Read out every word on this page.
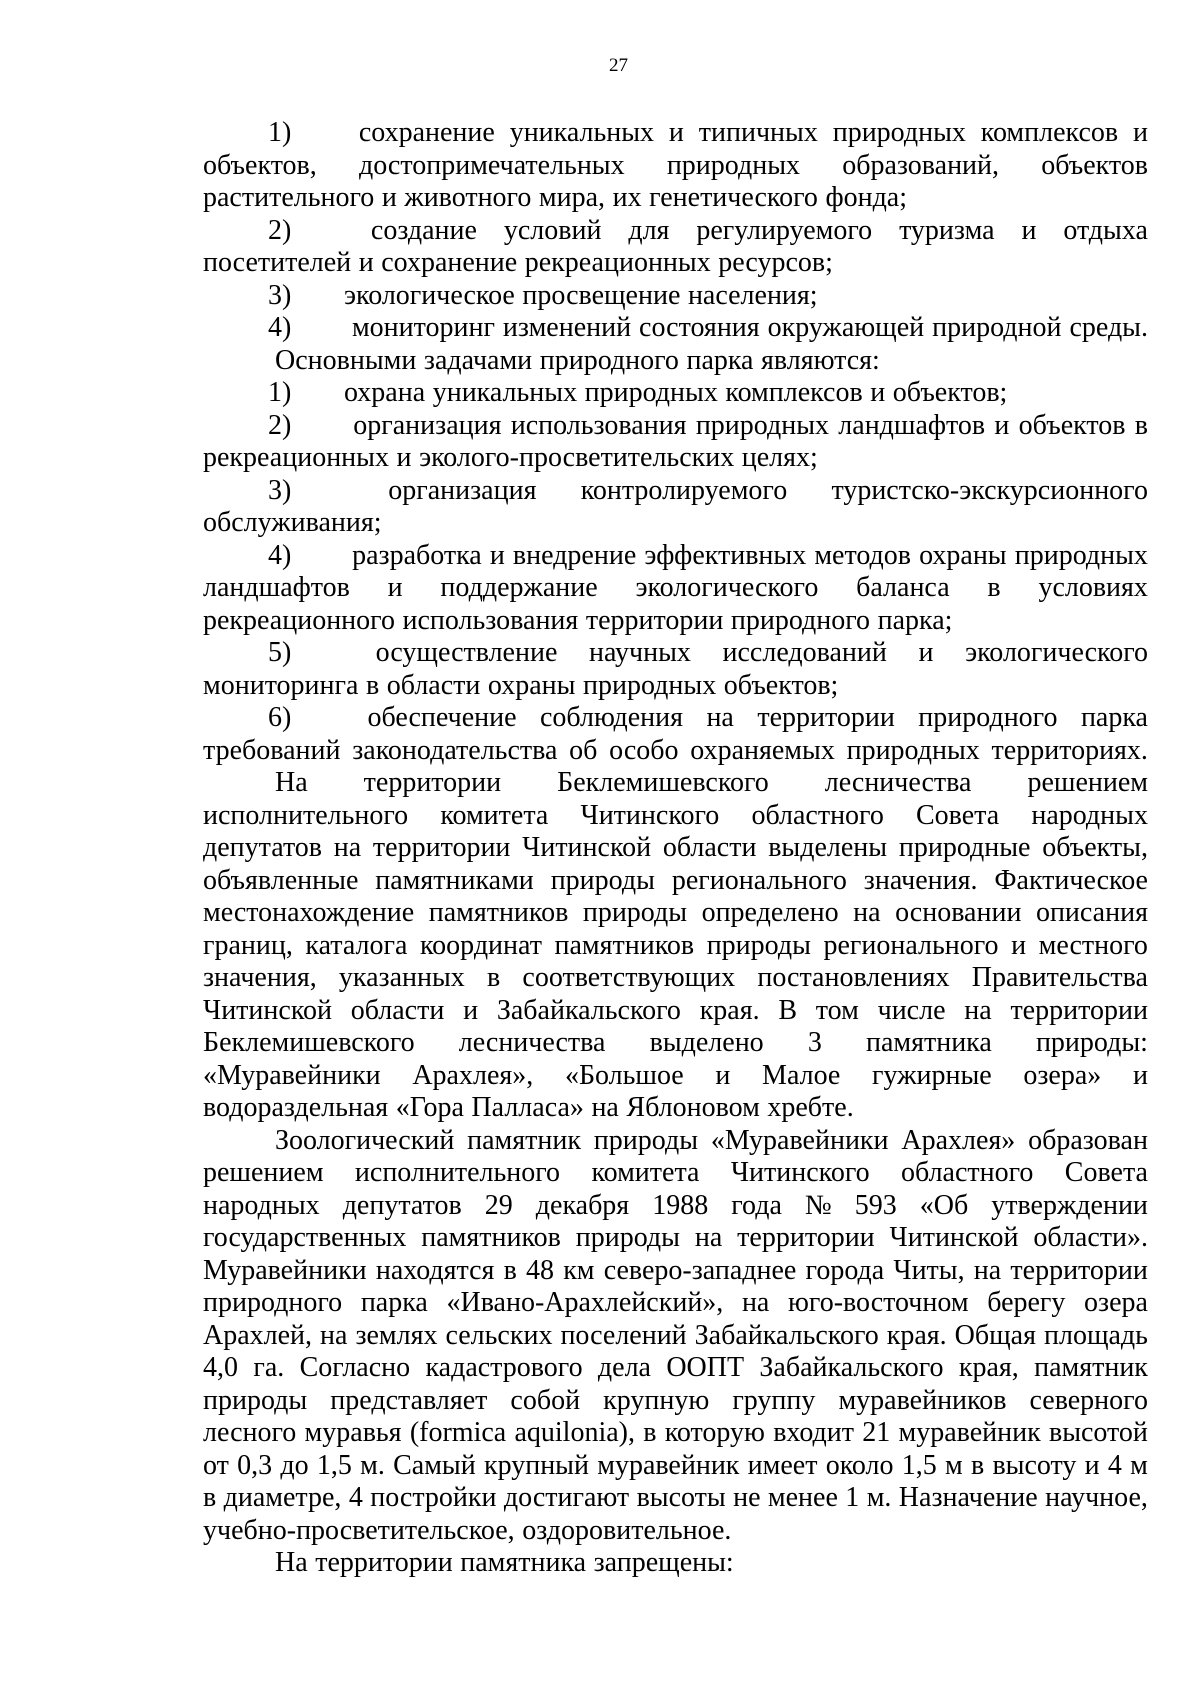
27
1)	сохранение уникальных и типичных природных комплексов и
объектов, достопримечательных природных образований, объектов
растительного и животного мира, их генетического фонда;
2)	создание условий для регулируемого туризма и отдыха
посетителей и сохранение рекреационных ресурсов;
3)	экологическое просвещение населения;
4)	мониторинг изменений состояния окружающей природной среды.
Основными задачами природного парка являются:
1)	охрана уникальных природных комплексов и объектов;
2)	организация использования природных ландшафтов и объектов в
рекреационных и эколого-просветительских целях;
3)	организация контролируемого туристско-экскурсионного
обслуживания;
4)	разработка и внедрение эффективных методов охраны природных
ландшафтов и поддержание экологического баланса в условиях
рекреационного использования территории природного парка;
5)	осуществление научных исследований и экологического
мониторинга в области охраны природных объектов;
6)	обеспечение соблюдения на территории природного парка
требований законодательства об особо охраняемых природных территориях.
На территории Беклемишевского лесничества решением
исполнительного комитета Читинского областного Совета народных
депутатов на территории Читинской области выделены природные объекты,
объявленные памятниками природы регионального значения. Фактическое
местонахождение памятников природы определено на основании описания
границ, каталога координат памятников природы регионального и местного
значения, указанных в соответствующих постановлениях Правительства
Читинской области и Забайкальского края. В том числе на территории
Беклемишевского лесничества выделено 3 памятника природы:
«Муравейники Арахлея», «Большое и Малое гужирные озера» и
водораздельная «Гора Палласа» на Яблоновом хребте.
Зоологический памятник природы «Муравейники Арахлея» образован
решением исполнительного комитета Читинского областного Совета
народных депутатов 29 декабря 1988 года № 593 «Об утверждении
государственных памятников природы на территории Читинской области».
Муравейники находятся в 48 км северо-западнее города Читы, на территории
природного парка «Ивано-Арахлейский», на юго-восточном берегу озера
Арахлей, на землях сельских поселений Забайкальского края. Общая площадь
4,0 га. Согласно кадастрового дела ООПТ Забайкальского края, памятник
природы представляет собой крупную группу муравейников северного
лесного муравья (formica aquilonia), в которую входит 21 муравейник высотой
от 0,3 до 1,5 м. Самый крупный муравейник имеет около 1,5 м в высоту и 4 м
в диаметре, 4 постройки достигают высоты не менее 1 м. Назначение научное,
учебно-просветительское, оздоровительное.
На территории памятника запрещены:
